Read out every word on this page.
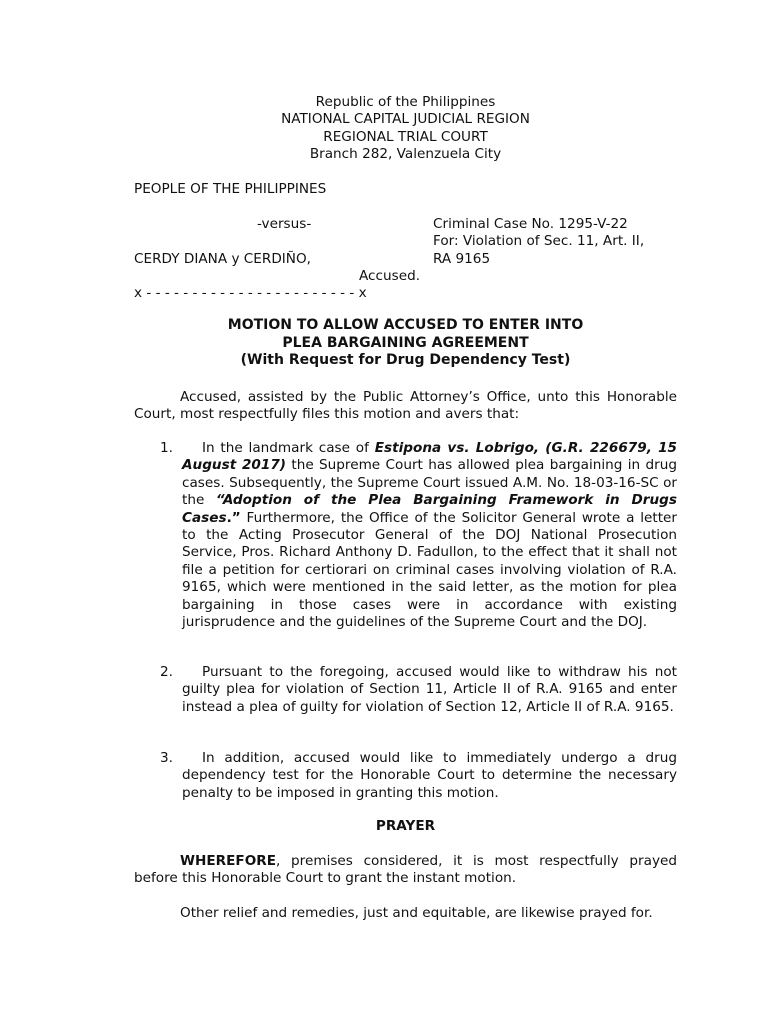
Republic of the Philippines
NATIONAL CAPITAL JUDICIAL REGION
REGIONAL TRIAL COURT
Branch 282, Valenzuela City
PEOPLE OF THE PHILIPPINES
-versus-	Criminal Case No. 1295-V-22
For: Violation of Sec. 11, Art. II,
RA 9165
CERDY DIANA y CERDIÑO,
Accused.
x - - - - - - - - - - - - - - - - - - - - - - - x
MOTION TO ALLOW ACCUSED TO ENTER INTO
PLEA BARGAINING AGREEMENT
(With Request for Drug Dependency Test)
Accused, assisted by the Public Attorney’s Office, unto this Honorable Court, most respectfully files this motion and avers that:
1.	In the landmark case of Estipona vs. Lobrigo, (G.R. 226679, 15 August 2017) the Supreme Court has allowed plea bargaining in drug cases. Subsequently, the Supreme Court issued A.M. No. 18-03-16-SC or the “Adoption of the Plea Bargaining Framework in Drugs Cases.” Furthermore, the Office of the Solicitor General wrote a letter to the Acting Prosecutor General of the DOJ National Prosecution Service, Pros. Richard Anthony D. Fadullon, to the effect that it shall not file a petition for certiorari on criminal cases involving violation of R.A. 9165, which were mentioned in the said letter, as the motion for plea bargaining in those cases were in accordance with existing jurisprudence and the guidelines of the Supreme Court and the DOJ.
2.	Pursuant to the foregoing, accused would like to withdraw his not guilty plea for violation of Section 11, Article II of R.A. 9165 and enter instead a plea of guilty for violation of Section 12, Article II of R.A. 9165.
3.	In addition, accused would like to immediately undergo a drug dependency test for the Honorable Court to determine the necessary penalty to be imposed in granting this motion.
PRAYER
WHEREFORE, premises considered, it is most respectfully prayed before this Honorable Court to grant the instant motion.
Other relief and remedies, just and equitable, are likewise prayed for.
